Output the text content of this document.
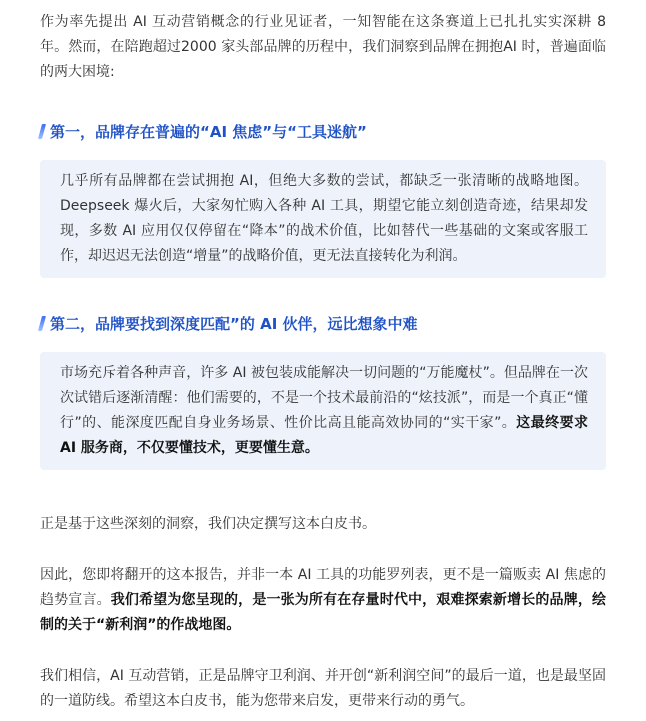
作为率先提出 AI 互动营销概念的行业见证者，一知智能在这条赛道上已扎扎实实深耕 8 年。然而，在陪跑超过2000 家头部品牌的历程中，我们洞察到品牌在拥抱AI 时，普遍面临的两大困境:

第一，品牌存在普遍的“AI 焦虑”与“工具迷航”

几乎所有品牌都在尝试拥抱 AI，但绝大多数的尝试，都缺乏一张清晰的战略地图。Deepseek 爆火后，大家匆忙购入各种 AI 工具，期望它能立刻创造奇迹，结果却发现，多数 AI 应用仅仅停留在“降本”的战术价值，比如替代一些基础的文案或客服工作，却迟迟无法创造“增量”的战略价值，更无法直接转化为利润。

第二，品牌要找到深度匹配”的 AI 伙伴，远比想象中难

市场充斥着各种声音，许多 AI 被包装成能解决一切问题的“万能魔杖”。但品牌在一次次试错后逐渐清醒：他们需要的，不是一个技术最前沿的“炫技派”，而是一个真正“懂行”的、能深度匹配自身业务场景、性价比高且能高效协同的“实干家”。这最终要求 AI 服务商，不仅要懂技术，更要懂生意。

正是基于这些深刻的洞察，我们决定撰写这本白皮书。

因此，您即将翻开的这本报告，并非一本 AI 工具的功能罗列表，更不是一篇贩卖 AI 焦虑的趋势宣言。我们希望为您呈现的，是一张为所有在存量时代中，艰难探索新增长的品牌，绘制的关于“新利润”的作战地图。

我们相信，AI 互动营销，正是品牌守卫利润、并开创“新利润空间”的最后一道，也是最坚固的一道防线。希望这本白皮书，能为您带来启发，更带来行动的勇气。
